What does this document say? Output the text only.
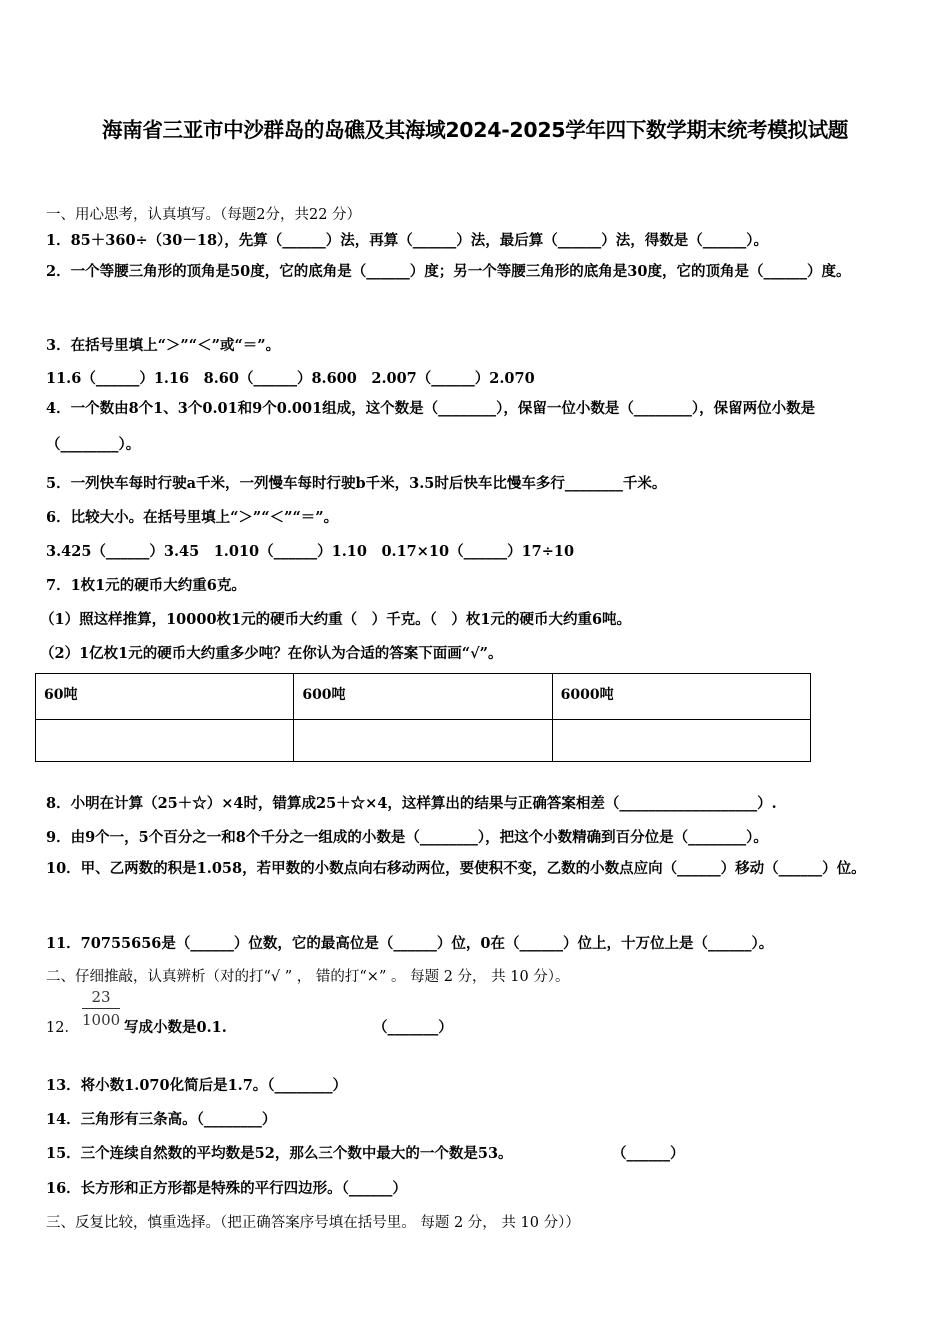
海南省三亚市中沙群岛的岛礁及其海域2024-2025学年四下数学期末统考模拟试题
一、用心思考，认真填写。（每题2分，共22 分）
1．85＋360÷（30－18），先算（______）法，再算（______）法，最后算（______）法，得数是（______）。
2．一个等腰三角形的顶角是50度，它的底角是（______）度；另一个等腰三角形的底角是30度，它的顶角是（______）度。
3．在括号里填上“＞”“＜”或“＝”。
11.6（______）1.16　8.60（______）8.600　2.007（______）2.070
4．一个数由8个1、3个0.01和9个0.001组成，这个数是（________），保留一位小数是（________），保留两位小数是（________）。
5．一列快车每时行驶a千米，一列慢车每时行驶b千米，3.5时后快车比慢车多行________千米。
6．比较大小。在括号里填上“＞”“＜”“＝”。
3.425（______）3.45　1.010（______）1.10　0.17×10（______）17÷10
7．1枚1元的硬币大约重6克。
（1）照这样推算，10000枚1元的硬币大约重（　）千克。（　）枚1元的硬币大约重6吨。
（2）1亿枚1元的硬币大约重多少吨？在你认为合适的答案下面画“√”。
60吨	600吨	6000吨

8．小明在计算（25＋☆）×4时，错算成25＋☆×4，这样算出的结果与正确答案相差（___________________）.
9．由9个一，5个百分之一和8个千分之一组成的小数是（________），把这个小数精确到百分位是（________）。
10．甲、乙两数的积是1.058，若甲数的小数点向右移动两位，要使积不变，乙数的小数点应向（______）移动（______）位。
11．70755656是（______）位数，它的最高位是（______）位，0在（______）位上，十万位上是（______）。
二、仔细推敲，认真辨析（对的打“√ ” ， 错的打“×” 。 每题 2 分， 共 10 分）。
12．
23
1000 写成小数是0.1.	（_______）
13．将小数1.070化简后是1.7。（________）
14．三角形有三条高。（________）
15．三个连续自然数的平均数是52，那么三个数中最大的一个数是53。	（______）
16．长方形和正方形都是特殊的平行四边形。（______）
三、反复比较，慎重选择。（把正确答案序号填在括号里。 每题 2 分， 共 10 分））
